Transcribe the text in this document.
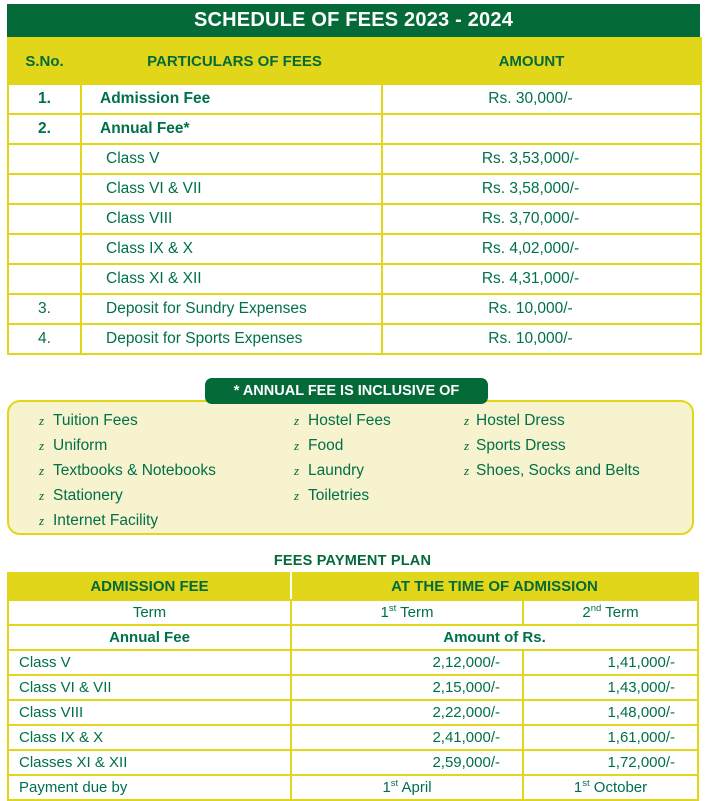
SCHEDULE OF FEES 2023 - 2024
S.No.	PARTICULARS OF FEES	AMOUNT
1.	Admission Fee	Rs. 30,000/-
2.	Annual Fee*	
	Class V	Rs. 3,53,000/-
	Class VI & VII	Rs. 3,58,000/-
	Class VIII	Rs. 3,70,000/-
	Class IX & X	Rs. 4,02,000/-
	Class XI & XII	Rs. 4,31,000/-
3.	Deposit for Sundry Expenses	Rs. 10,000/-
4.	Deposit for Sports Expenses	Rs. 10,000/-
z Tuition Fees
z Uniform
z Textbooks & Notebooks
z Stationery
z Internet Facility
z Hostel Fees
z Food
z Laundry
z Toiletries
z Hostel Dress
z Sports Dress
z Shoes, Socks and Belts
* ANNUAL FEE IS INCLUSIVE OF
FEES PAYMENT PLAN
ADMISSION FEE	AT THE TIME OF ADMISSION	
Term	1st Term	2nd Term
Annual Fee	Amount of Rs.	
Class V	2,12,000/-	1,41,000/-
Class VI & VII	2,15,000/-	1,43,000/-
Class VIII	2,22,000/-	1,48,000/-
Class IX & X	2,41,000/-	1,61,000/-
Classes XI & XII	2,59,000/-	1,72,000/-
Payment due by	1st April	1st October
